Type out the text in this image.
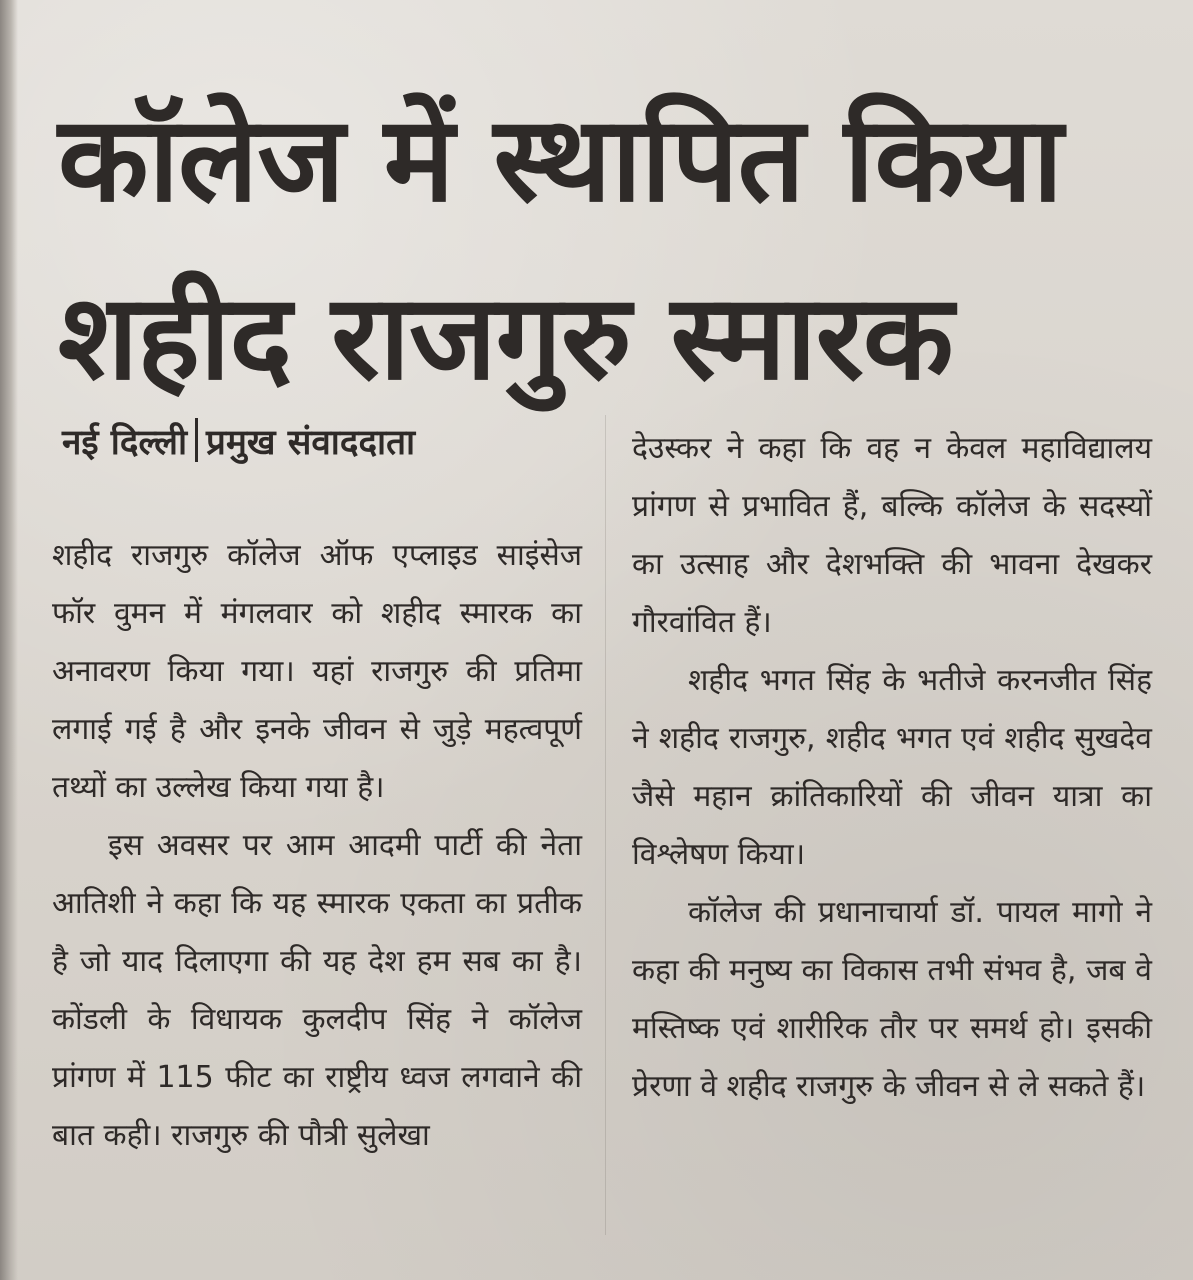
कॉलेज में स्थापित किया
शहीद राजगुरु स्मारक
नई दिल्ली प्रमुख संवाददाता

शहीद राजगुरु कॉलेज ऑफ एप्लाइड साइंसेज फॉर वुमन में मंगलवार को शहीद स्मारक का अनावरण किया गया। यहां राजगुरु की प्रतिमा लगाई गई है और इनके जीवन से जुड़े महत्वपूर्ण तथ्यों का उल्लेख किया गया है।

इस अवसर पर आम आदमी पार्टी की नेता आतिशी ने कहा कि यह स्मारक एकता का प्रतीक है जो याद दिलाएगा की यह देश हम सब का है। कोंडली के विधायक कुलदीप सिंह ने कॉलेज प्रांगण में 115 फीट का राष्ट्रीय ध्वज लगवाने की बात कही। राजगुरु की पौत्री सुलेखा

देउस्कर ने कहा कि वह न केवल महाविद्यालय प्रांगण से प्रभावित हैं, बल्कि कॉलेज के सदस्यों का उत्साह और देशभक्ति की भावना देखकर गौरवांवित हैं।

शहीद भगत सिंह के भतीजे करनजीत सिंह ने शहीद राजगुरु, शहीद भगत एवं शहीद सुखदेव जैसे महान क्रांतिकारियों की जीवन यात्रा का विश्लेषण किया।

कॉलेज की प्रधानाचार्या डॉ. पायल मागो ने कहा की मनुष्य का विकास तभी संभव है, जब वे मस्तिष्क एवं शारीरिक तौर पर समर्थ हो। इसकी प्रेरणा वे शहीद राजगुरु के जीवन से ले सकते हैं।
